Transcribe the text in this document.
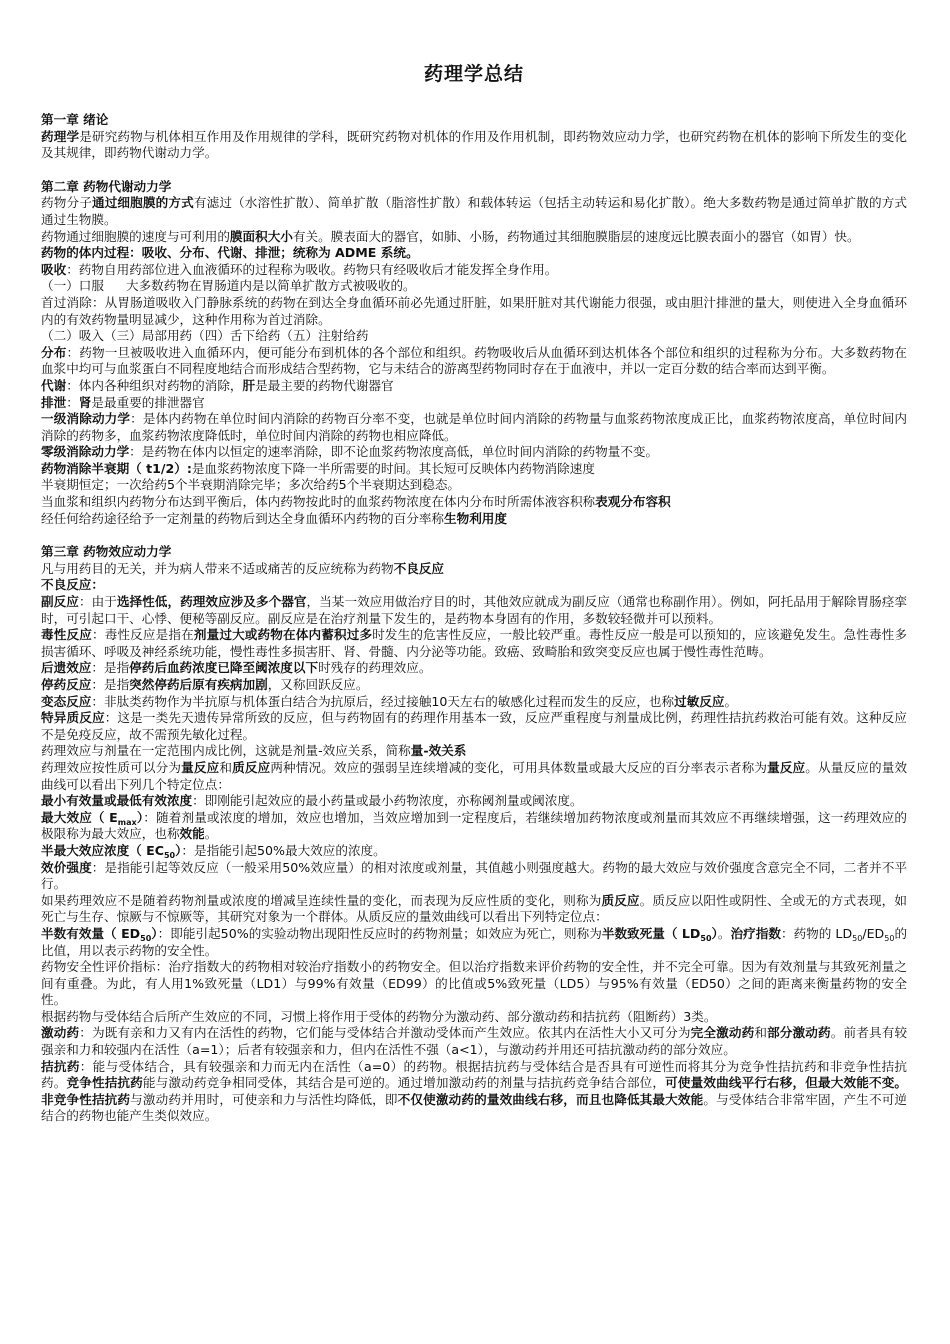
药理学总结
第一章 绪论

药理学是研究药物与机体相互作用及作用规律的学科，既研究药物对机体的作用及作用机制，即药物效应动力学，也研究药物在机体的影响下所发生的变化及其规律，即药物代谢动力学。

第二章 药物代谢动力学

药物分子通过细胞膜的方式有滤过（水溶性扩散）、简单扩散（脂溶性扩散）和载体转运（包括主动转运和易化扩散）。绝大多数药物是通过简单扩散的方式通过生物膜。

药物通过细胞膜的速度与可利用的膜面积大小有关。膜表面大的器官，如肺、小肠，药物通过其细胞膜脂层的速度远比膜表面小的器官（如胃）快。

药物的体内过程：吸收、分布、代谢、排泄；统称为 ADME 系统。

吸收：药物自用药部位进入血液循环的过程称为吸收。药物只有经吸收后才能发挥全身作用。

（一）口服 大多数药物在胃肠道内是以简单扩散方式被吸收的。

首过消除：从胃肠道吸收入门静脉系统的药物在到达全身血循环前必先通过肝脏，如果肝脏对其代谢能力很强，或由胆汁排泄的量大，则使进入全身血循环内的有效药物量明显减少，这种作用称为首过消除。

（二）吸入（三）局部用药（四）舌下给药（五）注射给药

分布：药物一旦被吸收进入血循环内，便可能分布到机体的各个部位和组织。药物吸收后从血循环到达机体各个部位和组织的过程称为分布。大多数药物在血浆中均可与血浆蛋白不同程度地结合而形成结合型药物，它与未结合的游离型药物同时存在于血液中，并以一定百分数的结合率而达到平衡。

代谢：体内各种组织对药物的消除，肝是最主要的药物代谢器官

排泄：肾是最重要的排泄器官

一级消除动力学：是体内药物在单位时间内消除的药物百分率不变，也就是单位时间内消除的药物量与血浆药物浓度成正比，血浆药物浓度高，单位时间内消除的药物多，血浆药物浓度降低时，单位时间内消除的药物也相应降低。

零级消除动力学：是药物在体内以恒定的速率消除，即不论血浆药物浓度高低，单位时间内消除的药物量不变。

药物消除半衰期（ t1/2）:是血浆药物浓度下降一半所需要的时间。其长短可反映体内药物消除速度

半衰期恒定；一次给药5个半衰期消除完毕；多次给药5个半衰期达到稳态。

当血浆和组织内药物分布达到平衡后，体内药物按此时的血浆药物浓度在体内分布时所需体液容积称表观分布容积

经任何给药途径给予一定剂量的药物后到达全身血循环内药物的百分率称生物利用度

第三章 药物效应动力学

凡与用药目的无关，并为病人带来不适或痛苦的反应统称为药物不良反应

不良反应：

副反应：由于选择性低，药理效应涉及多个器官，当某一效应用做治疗目的时，其他效应就成为副反应（通常也称副作用）。例如，阿托品用于解除胃肠痉挛时，可引起口干、心悸、便秘等副反应。副反应是在治疗剂量下发生的，是药物本身固有的作用，多数较轻微并可以预料。

毒性反应：毒性反应是指在剂量过大或药物在体内蓄积过多时发生的危害性反应，一般比较严重。毒性反应一般是可以预知的，应该避免发生。急性毒性多损害循环、呼吸及神经系统功能，慢性毒性多损害肝、肾、骨髓、内分泌等功能。致癌、致畸胎和致突变反应也属于慢性毒性范畴。

后遗效应：是指停药后血药浓度已降至阈浓度以下时残存的药理效应。

停药反应：是指突然停药后原有疾病加剧，又称回跃反应。

变态反应：非肽类药物作为半抗原与机体蛋白结合为抗原后，经过接触10天左右的敏感化过程而发生的反应，也称过敏反应。

特异质反应：这是一类先天遗传异常所致的反应，但与药物固有的药理作用基本一致，反应严重程度与剂量成比例，药理性拮抗药救治可能有效。这种反应不是免疫反应，故不需预先敏化过程。

药理效应与剂量在一定范围内成比例，这就是剂量-效应关系，简称量-效关系

药理效应按性质可以分为量反应和质反应两种情况。效应的强弱呈连续增减的变化，可用具体数量或最大反应的百分率表示者称为量反应。从量反应的量效曲线可以看出下列几个特定位点：

最小有效量或最低有效浓度：即刚能引起效应的最小药量或最小药物浓度，亦称阈剂量或阈浓度。

最大效应（ $E_{max}$）：随着剂量或浓度的增加，效应也增加，当效应增加到一定程度后，若继续增加药物浓度或剂量而其效应不再继续增强，这一药理效应的极限称为最大效应，也称效能。

半最大效应浓度（ $EC_{50}$）：是指能引起50%最大效应的浓度。

效价强度：是指能引起等效反应（一般采用50%效应量）的相对浓度或剂量，其值越小则强度越大。药物的最大效应与效价强度含意完全不同，二者并不平行。

如果药理效应不是随着药物剂量或浓度的增减呈连续性量的变化，而表现为反应性质的变化，则称为质反应。质反应以阳性或阴性、全或无的方式表现，如死亡与生存、惊厥与不惊厥等，其研究对象为一个群体。从质反应的量效曲线可以看出下列特定位点：

半数有效量（ $ED_{50}$）：即能引起50%的实验动物出现阳性反应时的药物剂量；如效应为死亡，则称为半数致死量（ $LD_{50}$）。治疗指数：药物的 $LD_{50}/ED_{50}$的比值，用以表示药物的安全性。

药物安全性评价指标：治疗指数大的药物相对较治疗指数小的药物安全。但以治疗指数来评价药物的安全性，并不完全可靠。因为有效剂量与其致死剂量之间有重叠。为此，有人用1%致死量（LD1）与99%有效量（ED99）的比值或5%致死量（LD5）与95%有效量（ED50）之间的距离来衡量药物的安全性。

根据药物与受体结合后所产生效应的不同，习惯上将作用于受体的药物分为激动药、部分激动药和拮抗药（阻断药）3类。

激动药：为既有亲和力又有内在活性的药物，它们能与受体结合并激动受体而产生效应。依其内在活性大小又可分为完全激动药和部分激动药。前者具有较强亲和力和较强内在活性（a=1）；后者有较强亲和力，但内在活性不强（a<1），与激动药并用还可拮抗激动药的部分效应。

拮抗药：能与受体结合，具有较强亲和力而无内在活性（a=0）的药物。根据拮抗药与受体结合是否具有可逆性而将其分为竞争性拮抗药和非竞争性拮抗药。竞争性拮抗药能与激动药竞争相同受体，其结合是可逆的。通过增加激动药的剂量与拮抗药竞争结合部位，可使量效曲线平行右移，但最大效能不变。非竞争性拮抗药与激动药并用时，可使亲和力与活性均降低，即不仅使激动药的量效曲线右移，而且也降低其最大效能。与受体结合非常牢固，产生不可逆结合的药物也能产生类似效应。
